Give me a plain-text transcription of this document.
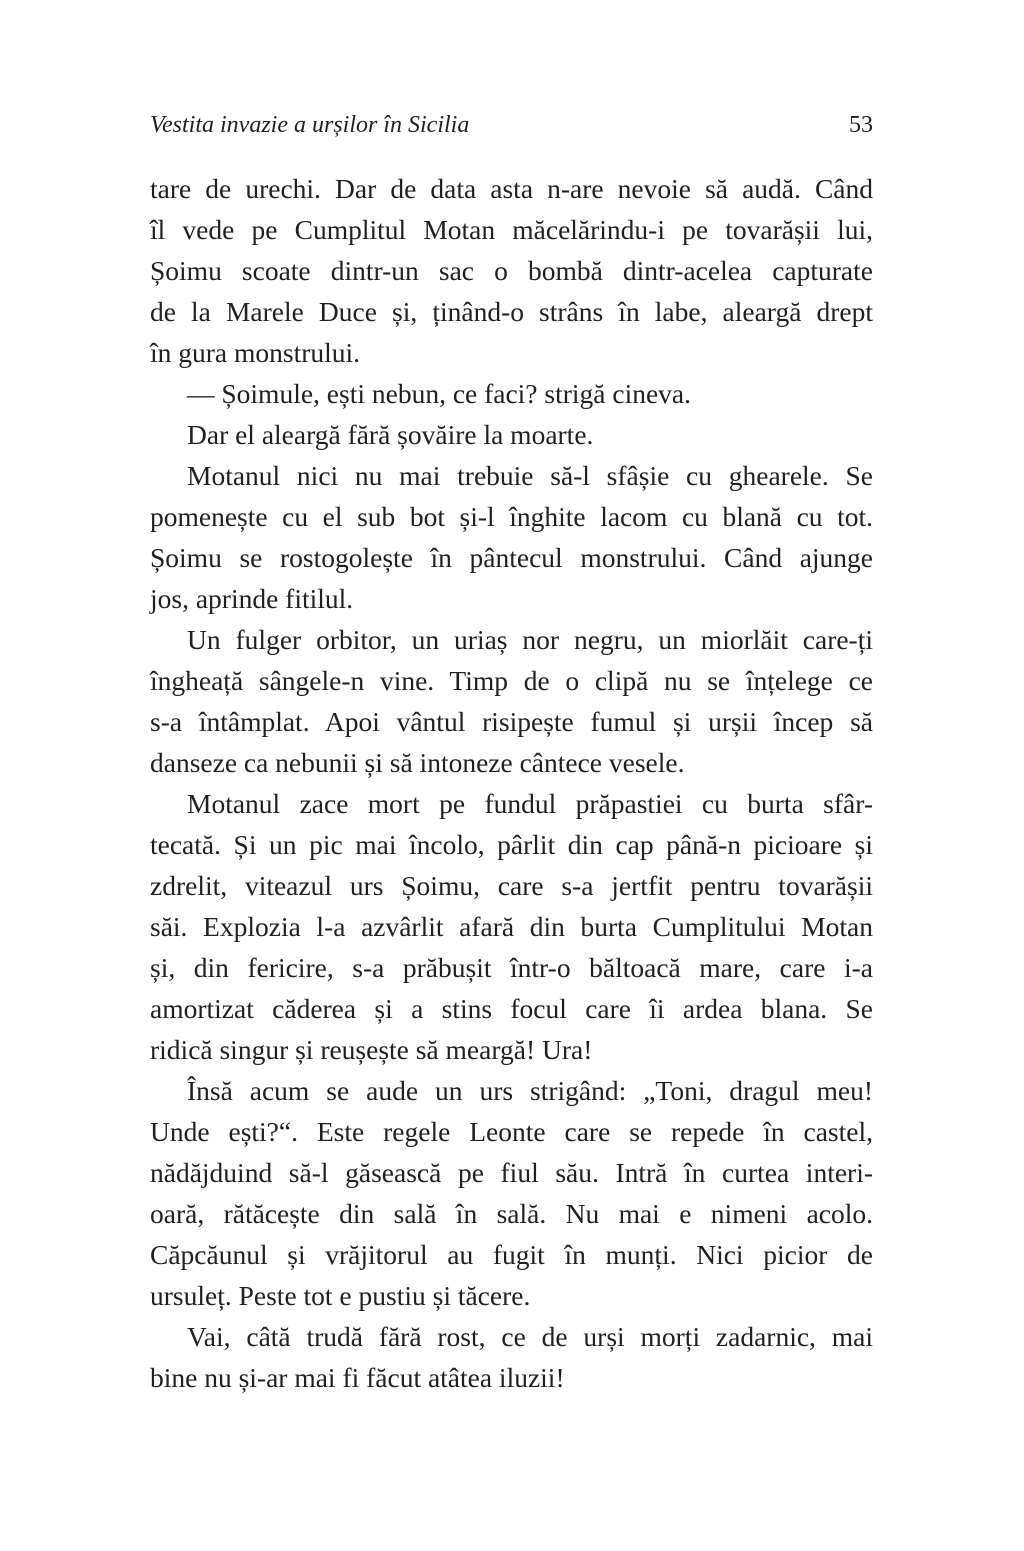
Vestita invazie a urșilor în Sicilia	53
tare de urechi. Dar de data asta n-are nevoie să audă. Când
îl vede pe Cumplitul Motan măcelărindu-i pe tovarășii lui,
Șoimu scoate dintr-un sac o bombă dintr-acelea capturate
de la Marele Duce și, ținând-o strâns în labe, aleargă drept
în gura monstrului.
— Șoimule, ești nebun, ce faci? strigă cineva.
Dar el aleargă fără șovăire la moarte.
Motanul nici nu mai trebuie să-l sfâșie cu ghearele. Se
pomenește cu el sub bot și-l înghite lacom cu blană cu tot.
Șoimu se rostogolește în pântecul monstrului. Când ajunge
jos, aprinde fitilul.
Un fulger orbitor, un uriaș nor negru, un miorlăit care-ți
îngheață sângele-n vine. Timp de o clipă nu se înțelege ce
s-a întâmplat. Apoi vântul risipește fumul și urșii încep să
danseze ca nebunii și să intoneze cântece vesele.
Motanul zace mort pe fundul prăpastiei cu burta sfâr-
tecată. Și un pic mai încolo, pârlit din cap până-n picioare și
zdrelit, viteazul urs Șoimu, care s-a jertfit pentru tovarășii
săi. Explozia l-a azvârlit afară din burta Cumplitului Motan
și, din fericire, s-a prăbușit într-o băltoacă mare, care i-a
amortizat căderea și a stins focul care îi ardea blana. Se
ridică singur și reușește să meargă! Ura!
Însă acum se aude un urs strigând: „Toni, dragul meu!
Unde ești?“. Este regele Leonte care se repede în castel,
nădăjduind să-l găsească pe fiul său. Intră în curtea interi-
oară, rătăcește din sală în sală. Nu mai e nimeni acolo.
Căpcăunul și vrăjitorul au fugit în munți. Nici picior de
ursuleț. Peste tot e pustiu și tăcere.
Vai, câtă trudă fără rost, ce de urși morți zadarnic, mai
bine nu și-ar mai fi făcut atâtea iluzii!
